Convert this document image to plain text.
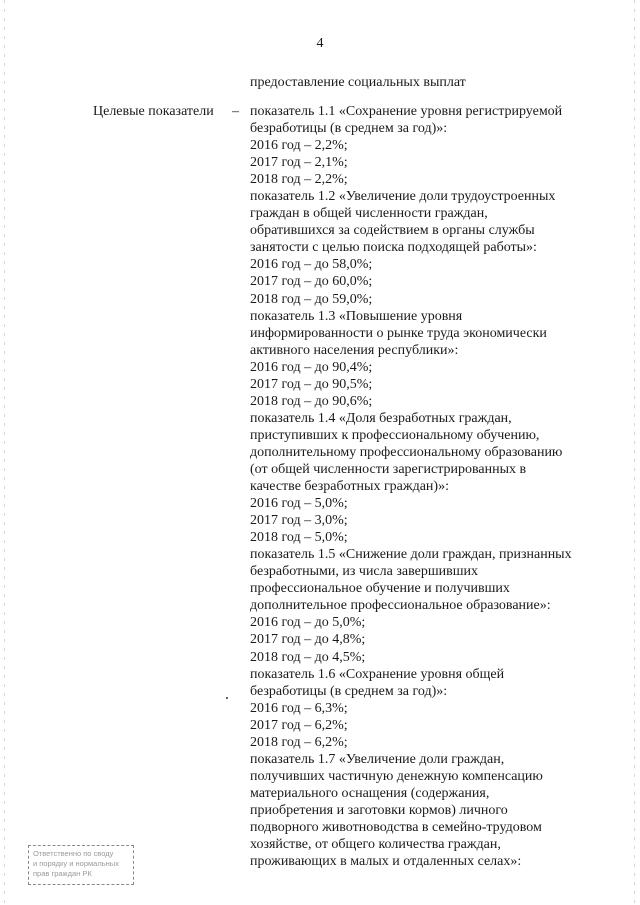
4
предоставление социальных выплат
Целевые показатели – показатель 1.1 «Сохранение уровня регистрируемой
безработицы (в среднем за год)»:
2016 год – 2,2%;
2017 год – 2,1%;
2018 год – 2,2%;
показатель 1.2 «Увеличение доли трудоустроенных
граждан в общей численности граждан,
обратившихся за содействием в органы службы
занятости с целью поиска подходящей работы»:
2016 год – до 58,0%;
2017 год – до 60,0%;
2018 год – до 59,0%;
показатель 1.3 «Повышение уровня
информированности о рынке труда экономически
активного населения республики»:
2016 год – до 90,4%;
2017 год – до 90,5%;
2018 год – до 90,6%;
показатель 1.4 «Доля безработных граждан,
приступивших к профессиональному обучению,
дополнительному профессиональному образованию
(от общей численности зарегистрированных в
качестве безработных граждан)»:
2016 год – 5,0%;
2017 год – 3,0%;
2018 год – 5,0%;
показатель 1.5 «Снижение доли граждан, признанных
безработными, из числа завершивших
профессиональное обучение и получивших
дополнительное профессиональное образование»:
2016 год – до 5,0%;
2017 год – до 4,8%;
2018 год – до 4,5%;
показатель 1.6 «Сохранение уровня общей
безработицы (в среднем за год)»:
2016 год – 6,3%;
2017 год – 6,2%;
2018 год – 6,2%;
показатель 1.7 «Увеличение доли граждан,
получивших частичную денежную компенсацию
материального оснащения (содержания,
приобретения и заготовки кормов) личного
подворного животноводства в семейно-трудовом
хозяйстве, от общего количества граждан,
проживающих в малых и отдаленных селах»:
Ответственно по своду
и порядку и нормальных
прав граждан РК
